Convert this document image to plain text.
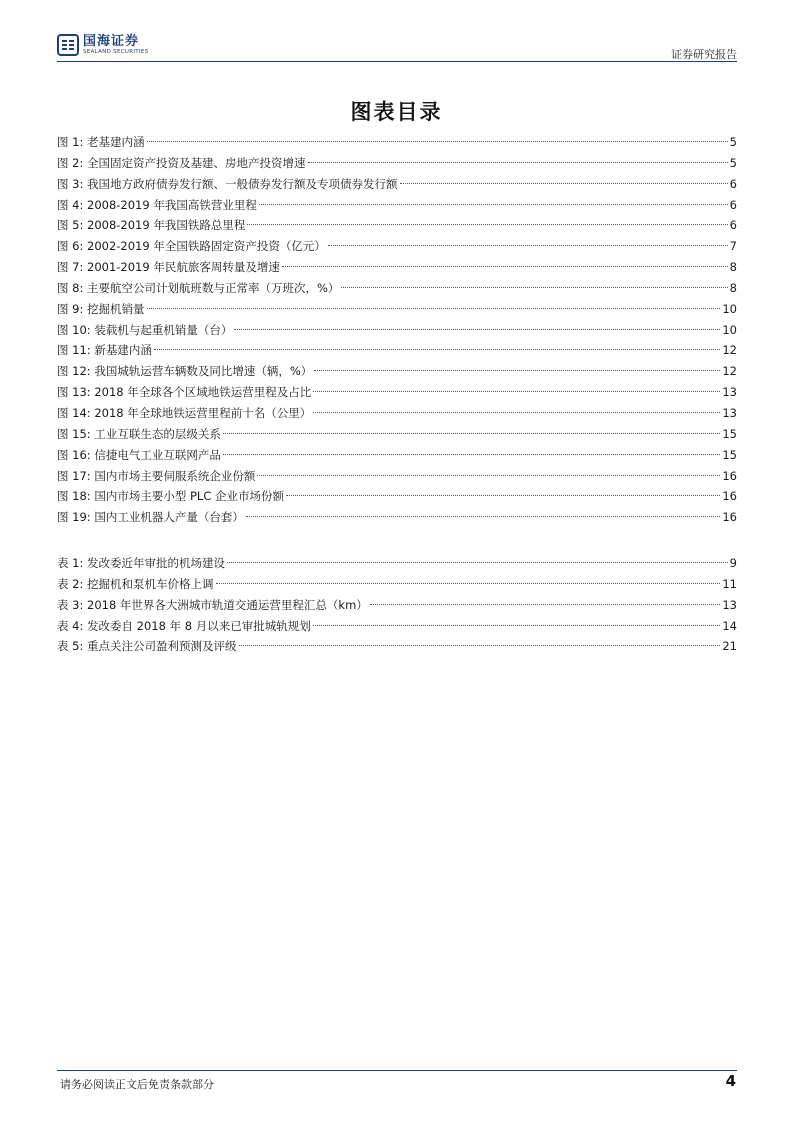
国海证券
SEALAND SECURITIES	证券研究报告
图表目录
图 1: 老基建内涵	5
图 2: 全国固定资产投资及基建、房地产投资增速	5
图 3: 我国地方政府债券发行额、一般债券发行额及专项债券发行额	6
图 4: 2008-2019 年我国高铁营业里程	6
图 5: 2008-2019 年我国铁路总里程	6
图 6: 2002-2019 年全国铁路固定资产投资（亿元）	7
图 7: 2001-2019 年民航旅客周转量及增速	8
图 8: 主要航空公司计划航班数与正常率（万班次，%）	8
图 9: 挖掘机销量	10
图 10: 装载机与起重机销量（台）	10
图 11: 新基建内涵	12
图 12: 我国城轨运营车辆数及同比增速（辆，%）	12
图 13: 2018 年全球各个区域地铁运营里程及占比	13
图 14: 2018 年全球地铁运营里程前十名（公里）	13
图 15: 工业互联生态的层级关系	15
图 16: 信捷电气工业互联网产品	15
图 17: 国内市场主要伺服系统企业份额	16
图 18: 国内市场主要小型 PLC 企业市场份额	16
图 19: 国内工业机器人产量（台套）	16
表 1: 发改委近年审批的机场建设	9
表 2: 挖掘机和泵机车价格上调	11
表 3: 2018 年世界各大洲城市轨道交通运营里程汇总（km）	13
表 4: 发改委自 2018 年 8 月以来已审批城轨规划	14
表 5: 重点关注公司盈利预测及评级	21
请务必阅读正文后免责条款部分	4
